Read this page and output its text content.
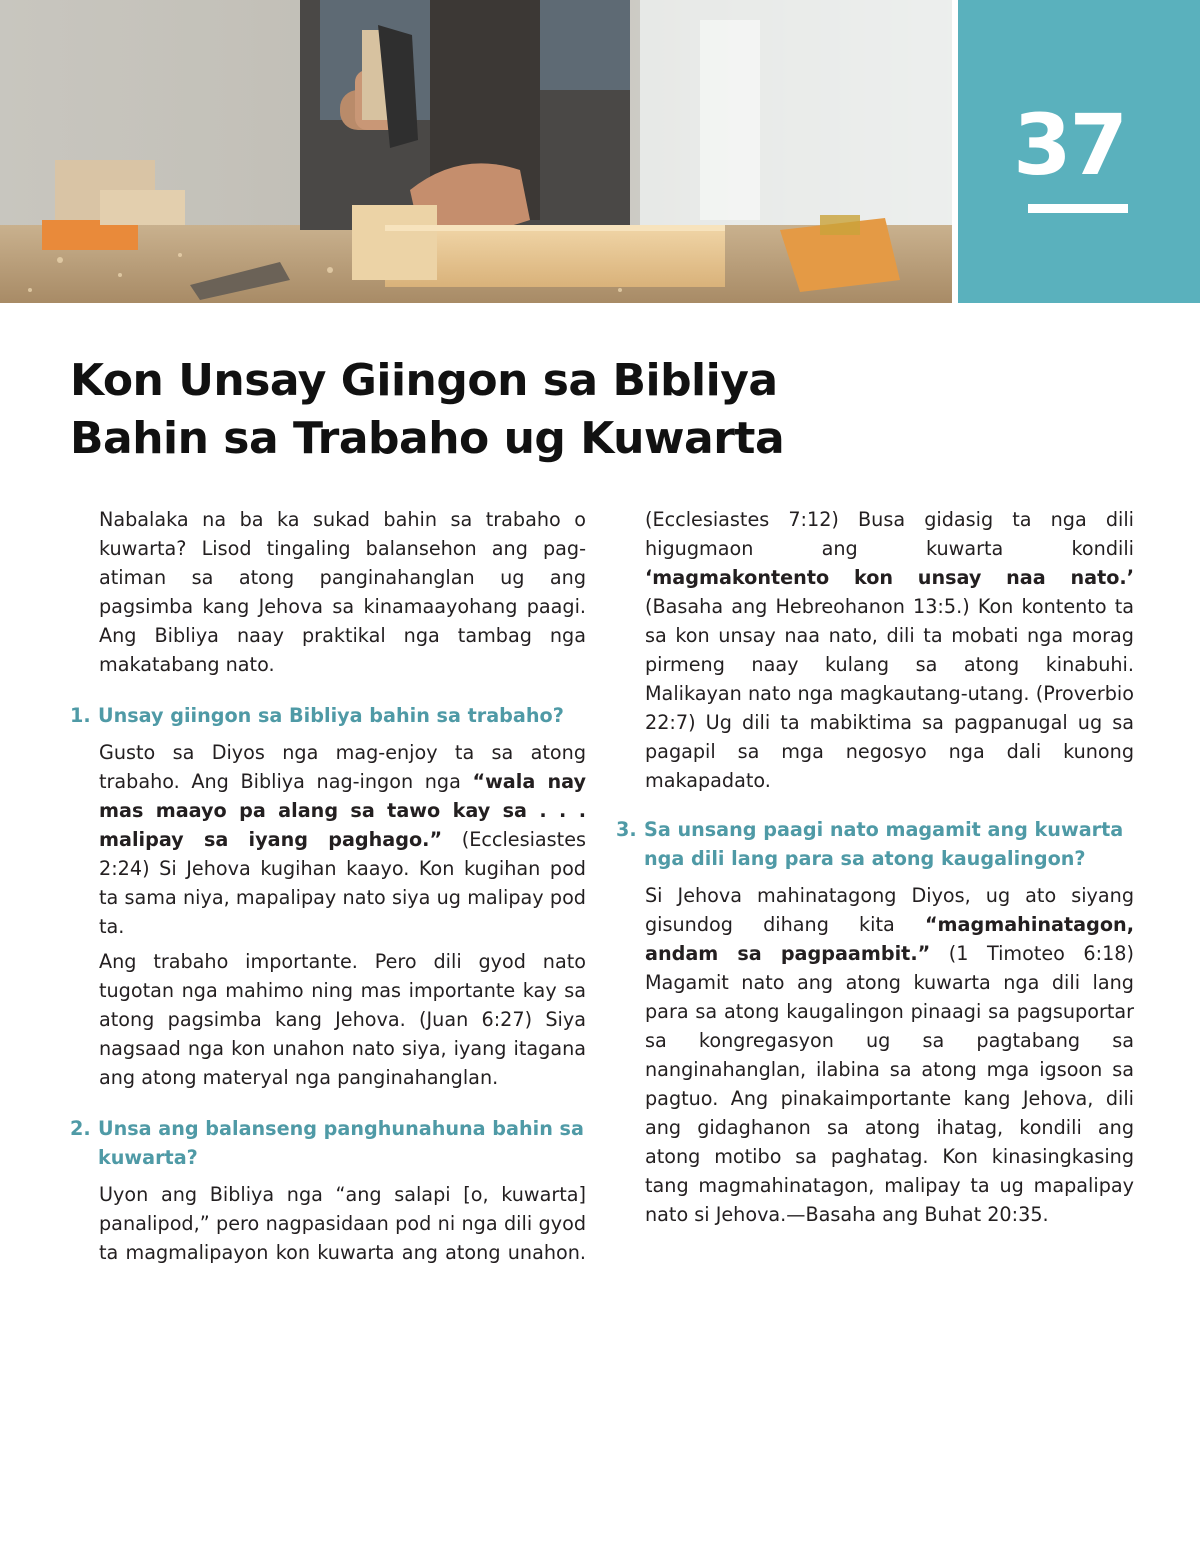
37
Kon Unsay Giingon sa Bibliya
Bahin sa Trabaho ug Kuwarta

Nabalaka na ba ka sukad bahin sa trabaho o kuwarta? Lisod tingaling balansehon ang pag-atiman sa atong panginahanglan ug ang pagsimba kang Jehova sa kinamaayohang paagi. Ang Bibliya naay praktikal nga tambag nga makatabang nato.

1. Unsay giingon sa Bibliya bahin sa trabaho?

Gusto sa Diyos nga mag-enjoy ta sa atong trabaho. Ang Bibliya nag-ingon nga “wala nay mas maayo pa alang sa tawo kay sa . . . malipay sa iyang paghago.” (Ecclesiastes 2:24) Si Jehova kugihan kaayo. Kon kugihan pod ta sama niya, mapalipay nato siya ug malipay pod ta.

Ang trabaho importante. Pero dili gyod nato tugotan nga mahimo ning mas importante kay sa atong pagsimba kang Jehova. (Juan 6:27) Siya nagsaad nga kon unahon nato siya, iyang itagana ang atong materyal nga panginahanglan.

2. Unsa ang balanseng panghunahuna bahin sa kuwarta?

Uyon ang Bibliya nga “ang salapi [o, kuwarta] panalipod,” pero nagpasidaan pod ni nga dili gyod ta magmalipayon kon kuwarta ang atong unahon.

(Ecclesiastes 7:12) Busa gidasig ta nga dili higugmaon ang kuwarta kondili ‘magmakontento kon unsay naa nato.’ (Basaha ang Hebreohanon 13:5.) Kon kontento ta sa kon unsay naa nato, dili ta mobati nga morag pirmeng naay kulang sa atong kinabuhi. Malikayan nato nga magkautang-utang. (Proverbio 22:7) Ug dili ta mabiktima sa pagpanugal ug sa pagapil sa mga negosyo nga dali kunong makapadato.

3. Sa unsang paagi nato magamit ang kuwarta nga dili lang para sa atong kaugalingon?

Si Jehova mahinatagong Diyos, ug ato siyang gisundog dihang kita “magmahinatagon, andam sa pagpaambit.” (1 Timoteo 6:18) Magamit nato ang atong kuwarta nga dili lang para sa atong kaugalingon pinaagi sa pagsuportar sa kongregasyon ug sa pagtabang sa nanginahanglan, ilabina sa atong mga igsoon sa pagtuo. Ang pinakaimportante kang Jehova, dili ang gidaghanon sa atong ihatag, kondili ang atong motibo sa paghatag. Kon kinasingkasing tang magmahinatagon, malipay ta ug mapalipay nato si Jehova.—Basaha ang Buhat 20:35.
